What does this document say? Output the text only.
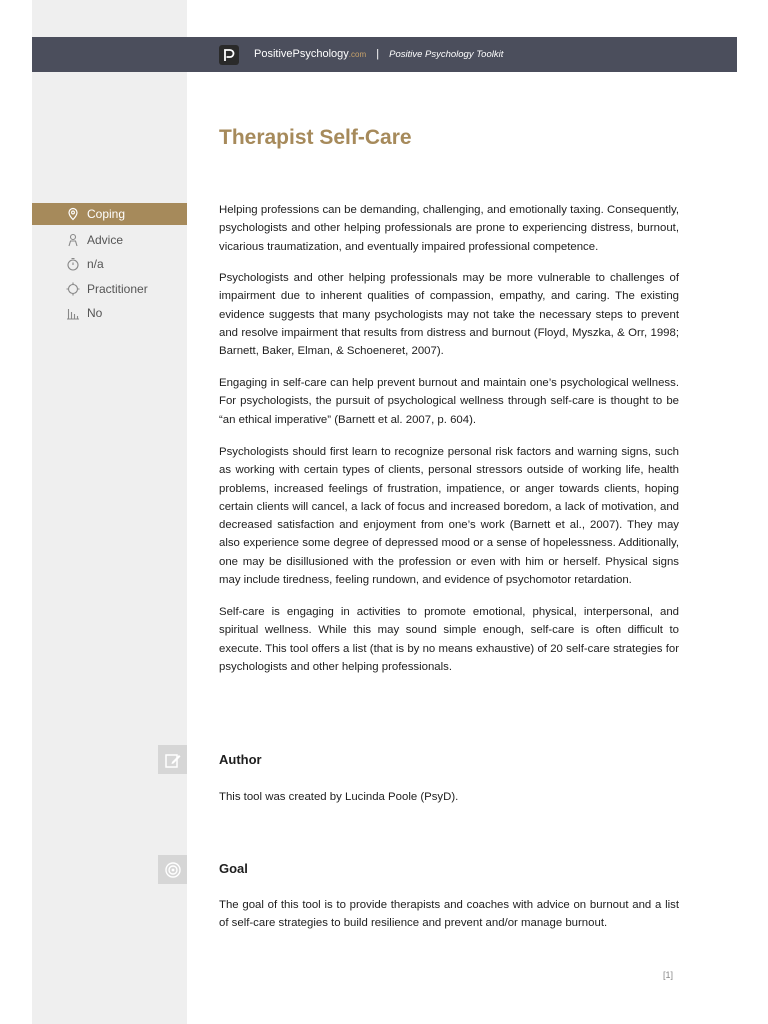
PositivePsychology.com | Positive Psychology Toolkit
Therapist Self-Care
Coping
Advice
n/a
Practitioner
No

Helping professions can be demanding, challenging, and emotionally taxing. Consequently, psychologists and other helping professionals are prone to experiencing distress, burnout, vicarious traumatization, and eventually impaired professional competence.

Psychologists and other helping professionals may be more vulnerable to challenges of impairment due to inherent qualities of compassion, empathy, and caring. The existing evidence suggests that many psychologists may not take the necessary steps to prevent and resolve impairment that results from distress and burnout (Floyd, Myszka, & Orr, 1998; Barnett, Baker, Elman, & Schoeneret, 2007).

Engaging in self-care can help prevent burnout and maintain one’s psychological wellness. For psychologists, the pursuit of psychological wellness through self-care is thought to be “an ethical imperative” (Barnett et al. 2007, p. 604).

Psychologists should first learn to recognize personal risk factors and warning signs, such as working with certain types of clients, personal stressors outside of working life, health problems, increased feelings of frustration, impatience, or anger towards clients, hoping certain clients will cancel, a lack of focus and increased boredom, a lack of motivation, and decreased satisfaction and enjoyment from one’s work (Barnett et al., 2007). They may also experience some degree of depressed mood or a sense of hopelessness. Additionally, one may be disillusioned with the profession or even with him or herself. Physical signs may include tiredness, feeling rundown, and evidence of psychomotor retardation.

Self-care is engaging in activities to promote emotional, physical, interpersonal, and spiritual wellness. While this may sound simple enough, self-care is often difficult to execute. This tool offers a list (that is by no means exhaustive) of 20 self-care strategies for psychologists and other helping professionals.

Author

This tool was created by Lucinda Poole (PsyD).

Goal

The goal of this tool is to provide therapists and coaches with advice on burnout and a list of self-care strategies to build resilience and prevent and/or manage burnout.

[1]
